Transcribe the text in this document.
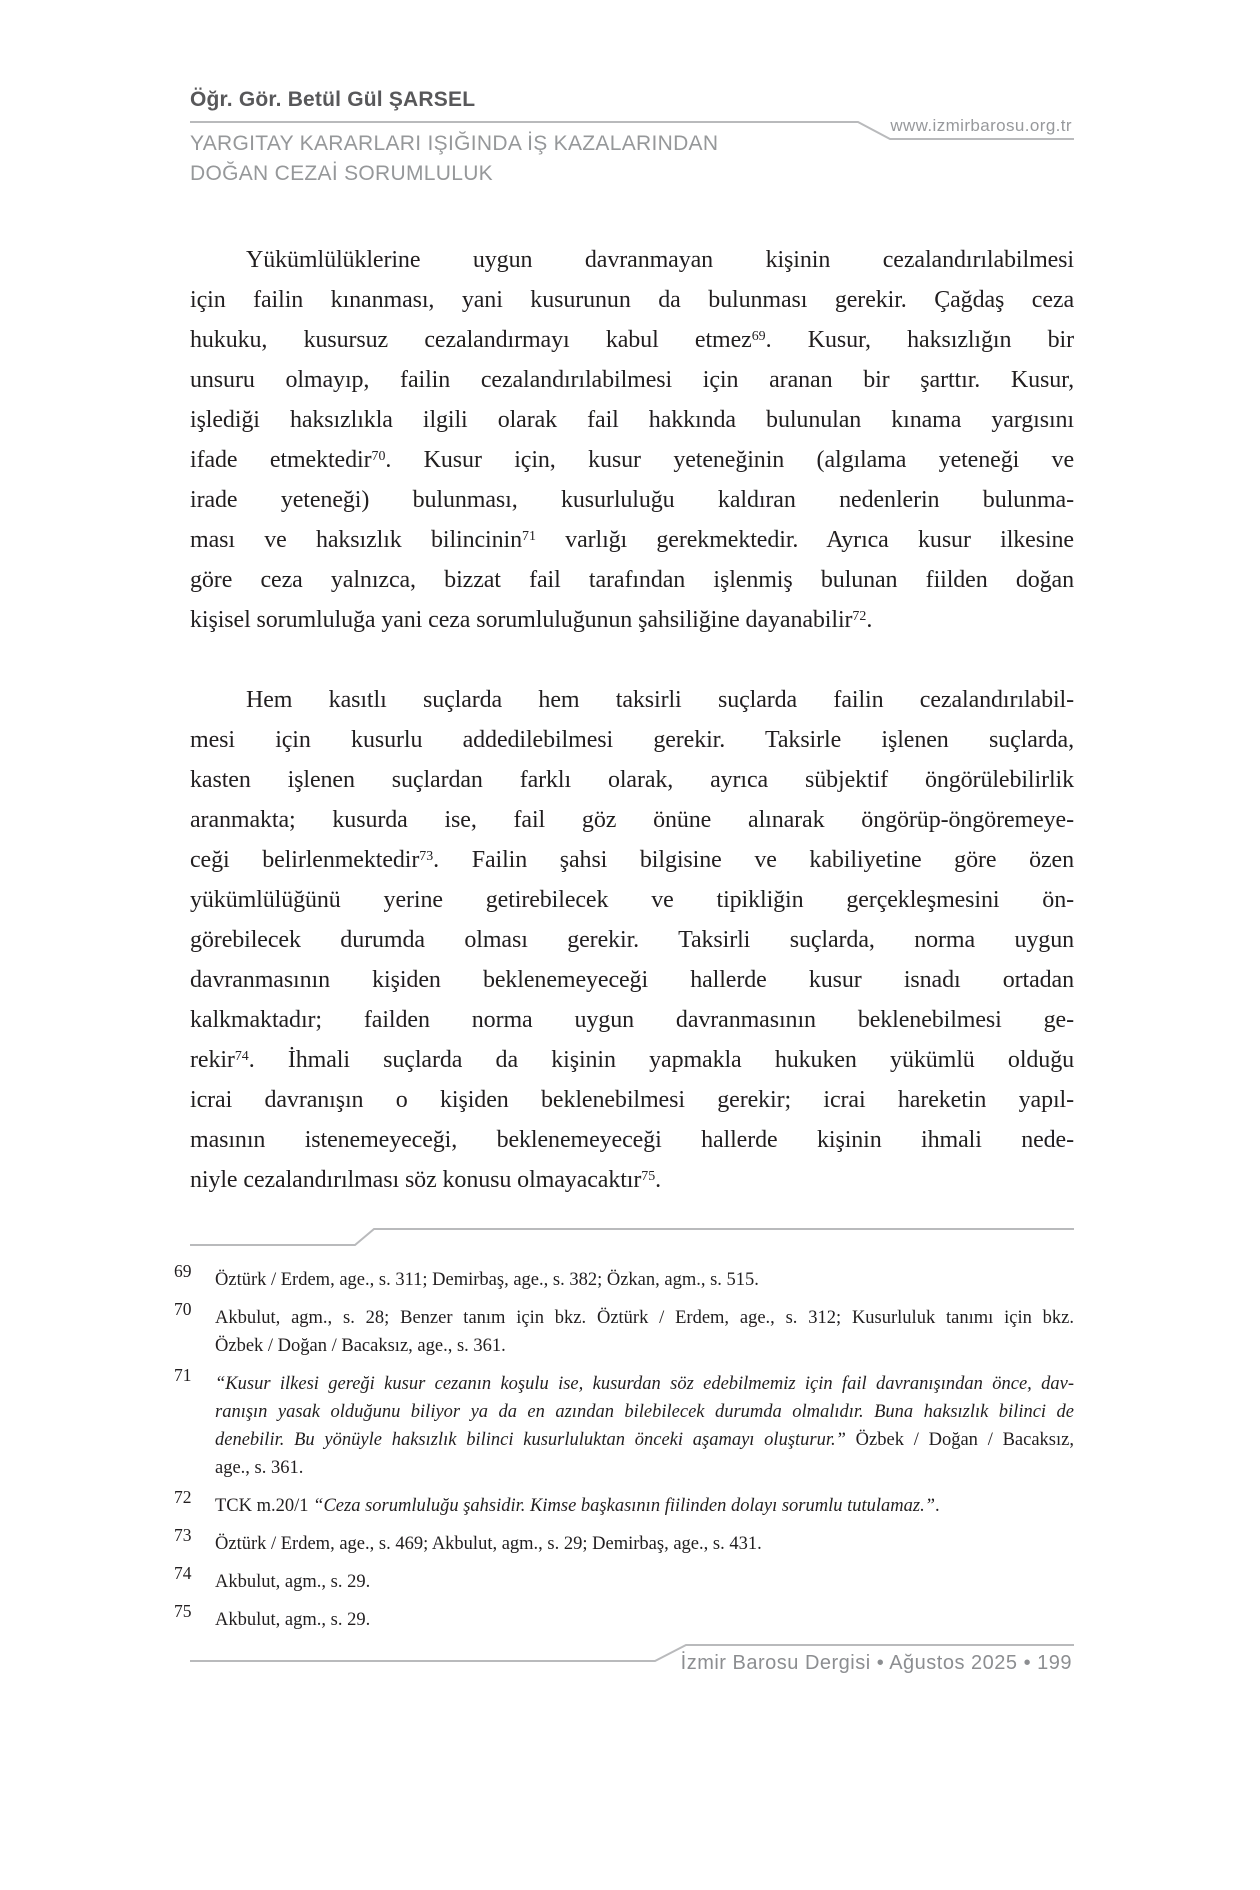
Öğr. Gör. Betül Gül ŞARSEL
www.izmirbarosu.org.tr
YARGITAY KARARLARI IŞIĞINDA İŞ KAZALARINDAN
DOĞAN CEZAİ SORUMLULUK
Yükümlülüklerine uygun davranmayan kişinin cezalandırılabilmesi
için failin kınanması, yani kusurunun da bulunması gerekir. Çağdaş ceza
hukuku, kusursuz cezalandırmayı kabul etmez$^{69}$. Kusur, haksızlığın bir
unsuru olmayıp, failin cezalandırılabilmesi için aranan bir şarttır. Kusur,
işlediği haksızlıkla ilgili olarak fail hakkında bulunulan kınama yargısını
ifade etmektedir$^{70}$. Kusur için, kusur yeteneğinin (algılama yeteneği ve
irade yeteneği) bulunması, kusurluluğu kaldıran nedenlerin bulunma-
ması ve haksızlık bilincinin$^{71}$ varlığı gerekmektedir. Ayrıca kusur ilkesine
göre ceza yalnızca, bizzat fail tarafından işlenmiş bulunan fiilden doğan
kişisel sorumluluğa yani ceza sorumluluğunun şahsiliğine dayanabilir$^{72}$.
Hem kasıtlı suçlarda hem taksirli suçlarda failin cezalandırılabil-
mesi için kusurlu addedilebilmesi gerekir. Taksirle işlenen suçlarda,
kasten işlenen suçlardan farklı olarak, ayrıca sübjektif öngörülebilirlik
aranmakta; kusurda ise, fail göz önüne alınarak öngörüp-öngöremeye-
ceği belirlenmektedir$^{73}$. Failin şahsi bilgisine ve kabiliyetine göre özen
yükümlülüğünü yerine getirebilecek ve tipikliğin gerçekleşmesini ön-
görebilecek durumda olması gerekir. Taksirli suçlarda, norma uygun
davranmasının kişiden beklenemeyeceği hallerde kusur isnadı ortadan
kalkmaktadır; failden norma uygun davranmasının beklenebilmesi ge-
rekir$^{74}$. İhmali suçlarda da kişinin yapmakla hukuken yükümlü olduğu
icrai davranışın o kişiden beklenebilmesi gerekir; icrai hareketin yapıl-
masının istenemeyeceği, beklenemeyeceği hallerde kişinin ihmali nede-
niyle cezalandırılması söz konusu olmayacaktır$^{75}$.
69 Öztürk / Erdem, age., s. 311; Demirbaş, age., s. 382; Özkan, agm., s. 515.
70 Akbulut, agm., s. 28; Benzer tanım için bkz. Öztürk / Erdem, age., s. 312; Kusurluluk tanımı için bkz.
Özbek / Doğan / Bacaksız, age., s. 361.
71 “Kusur ilkesi gereği kusur cezanın koşulu ise, kusurdan söz edebilmemiz için fail davranışından önce, dav-
ranışın yasak olduğunu biliyor ya da en azından bilebilecek durumda olmalıdır. Buna haksızlık bilinci de
denebilir. Bu yönüyle haksızlık bilinci kusurluluktan önceki aşamayı oluşturur.” Özbek / Doğan / Bacaksız,
age., s. 361.
72 TCK m.20/1 “Ceza sorumluluğu şahsidir. Kimse başkasının fiilinden dolayı sorumlu tutulamaz.”.
73 Öztürk / Erdem, age., s. 469; Akbulut, agm., s. 29; Demirbaş, age., s. 431.
74 Akbulut, agm., s. 29.
75 Akbulut, agm., s. 29.
İzmir Barosu Dergisi • Ağustos 2025 • 199
